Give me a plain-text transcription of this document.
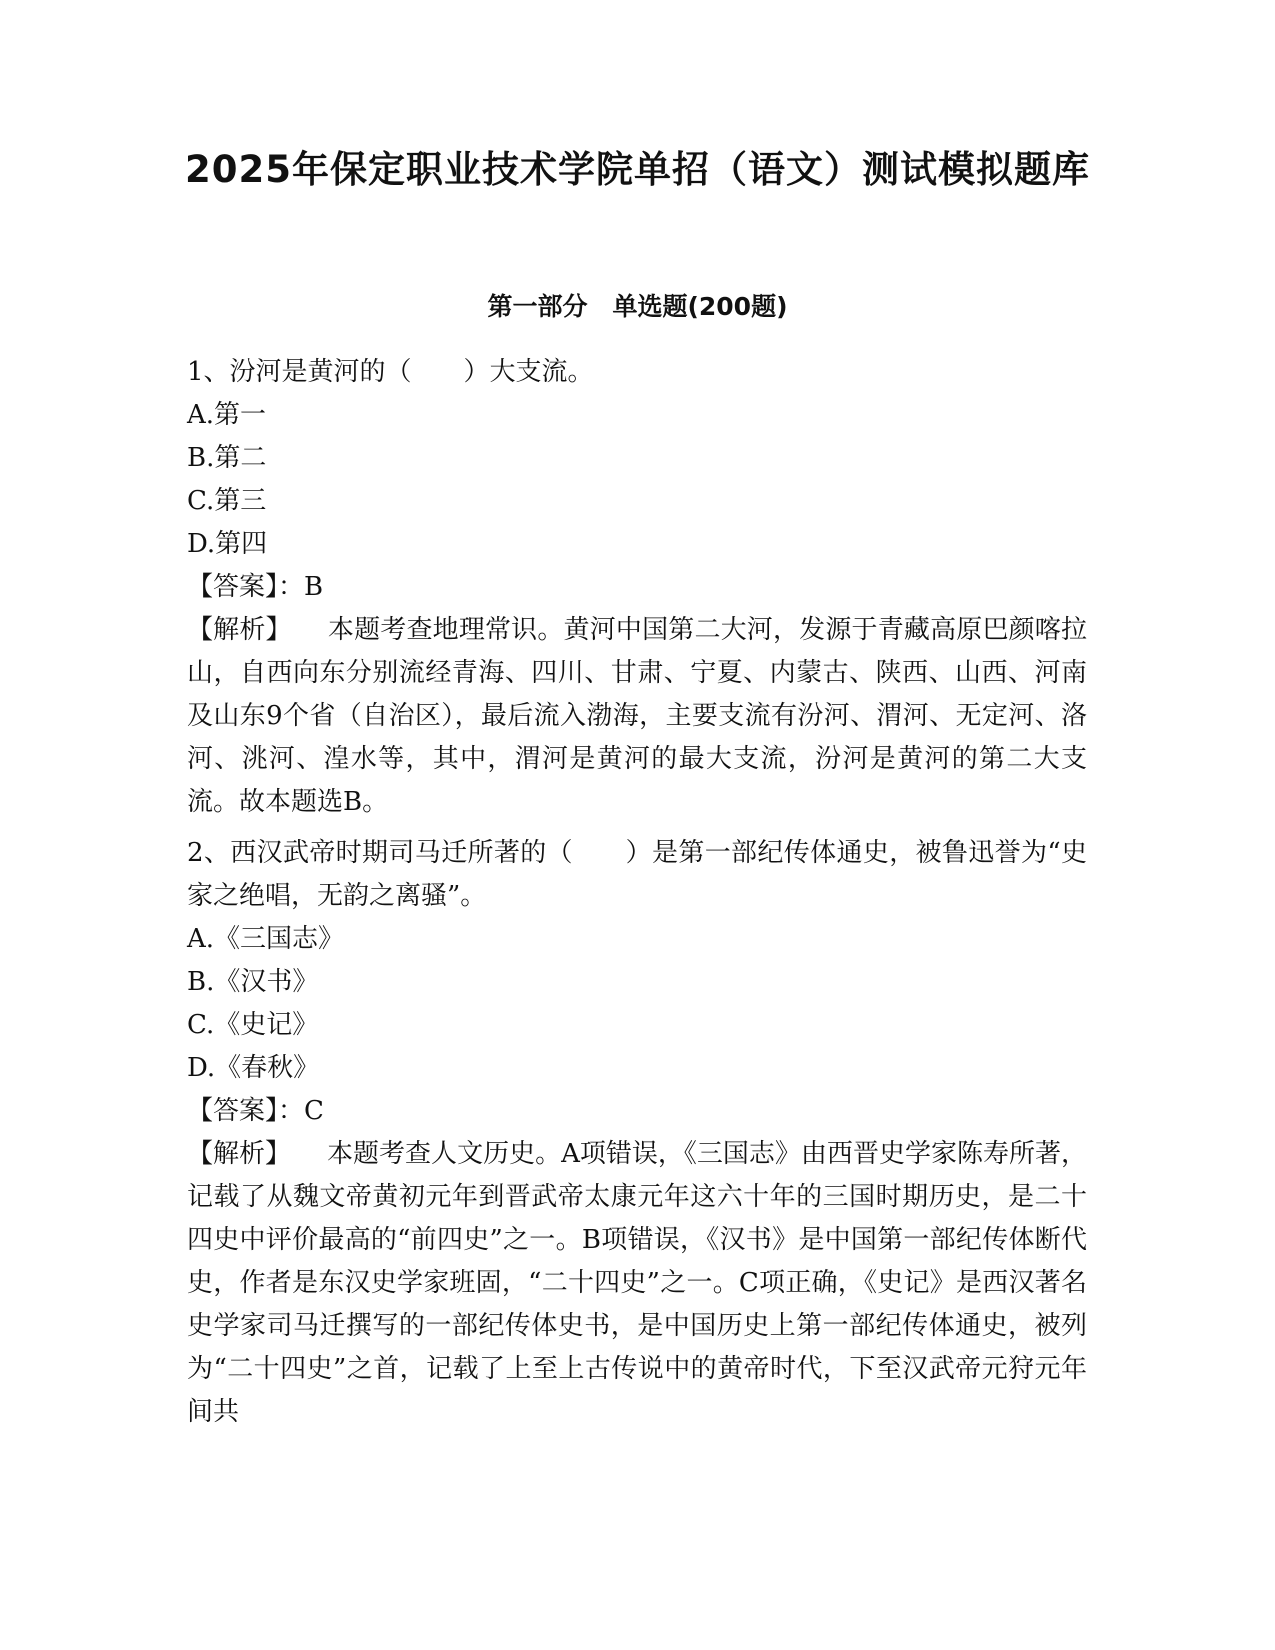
2025年保定职业技术学院单招（语文）测试模拟题库
第一部分　单选题(200题)
1、汾河是黄河的（　　）大支流。
A.第一
B.第二
C.第三
D.第四
【答案】：B
【解析】 本题考查地理常识。黄河中国第二大河，发源于青藏高原巴颜喀拉山，自西向东分别流经青海、四川、甘肃、宁夏、内蒙古、陕西、山西、河南及山东9个省（自治区），最后流入渤海，主要支流有汾河、渭河、无定河、洛河、洮河、湟水等，其中，渭河是黄河的最大支流，汾河是黄河的第二大支流。故本题选B。
2、西汉武帝时期司马迁所著的（　　）是第一部纪传体通史，被鲁迅誉为“史家之绝唱，无韵之离骚”。
A.《三国志》
B.《汉书》
C.《史记》
D.《春秋》
【答案】：C
【解析】 本题考查人文历史。A项错误，《三国志》由西晋史学家陈寿所著，记载了从魏文帝黄初元年到晋武帝太康元年这六十年的三国时期历史，是二十四史中评价最高的“前四史”之一。B项错误，《汉书》是中国第一部纪传体断代史，作者是东汉史学家班固，“二十四史”之一。C项正确，《史记》是西汉著名史学家司马迁撰写的一部纪传体史书，是中国历史上第一部纪传体通史，被列为“二十四史”之首，记载了上至上古传说中的黄帝时代，下至汉武帝元狩元年间共
